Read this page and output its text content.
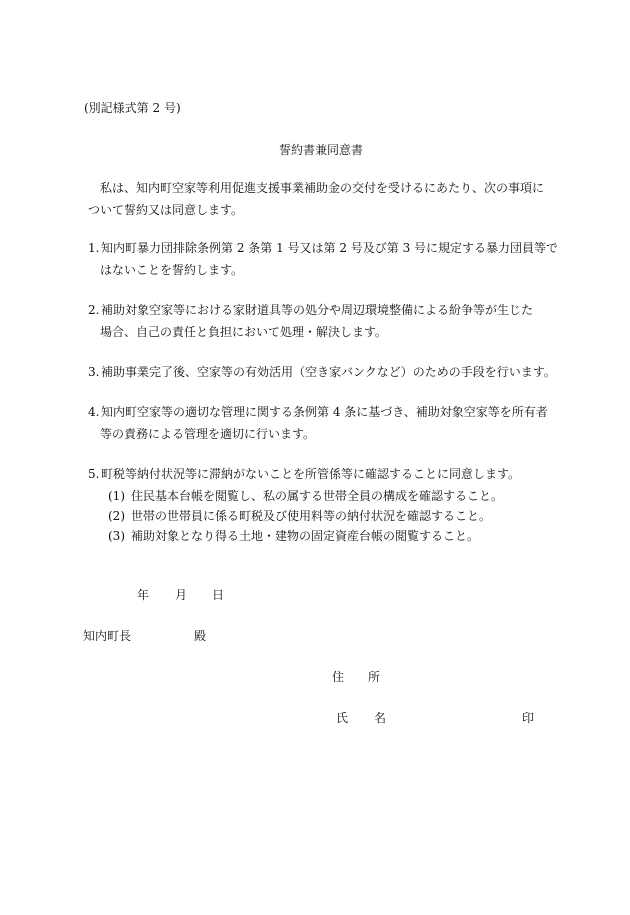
(別記様式第 2 号)
誓約書兼同意書
私は、知内町空家等利用促進支援事業補助金の交付を受けるにあたり、次の事項に
ついて誓約又は同意します。
1. 知内町暴力団排除条例第 2 条第 1 号又は第 2 号及び第 3 号に規定する暴力団員等で
はないことを誓約します。
2. 補助対象空家等における家財道具等の処分や周辺環境整備による紛争等が生じた
場合、自己の責任と負担において処理・解決します。
3. 補助事業完了後、空家等の有効活用（空き家バンクなど）のための手段を行います。
4. 知内町空家等の適切な管理に関する条例第 4 条に基づき、補助対象空家等を所有者
等の責務による管理を適切に行います。
5. 町税等納付状況等に滞納がないことを所管係等に確認することに同意します。
(1) 住民基本台帳を閲覧し、私の属する世帯全員の構成を確認すること。
(2) 世帯の世帯員に係る町税及び使用料等の納付状況を確認すること。
(3) 補助対象となり得る土地・建物の固定資産台帳の閲覧すること。
年 月 日
知内町長	殿
住 所
氏 名	印
